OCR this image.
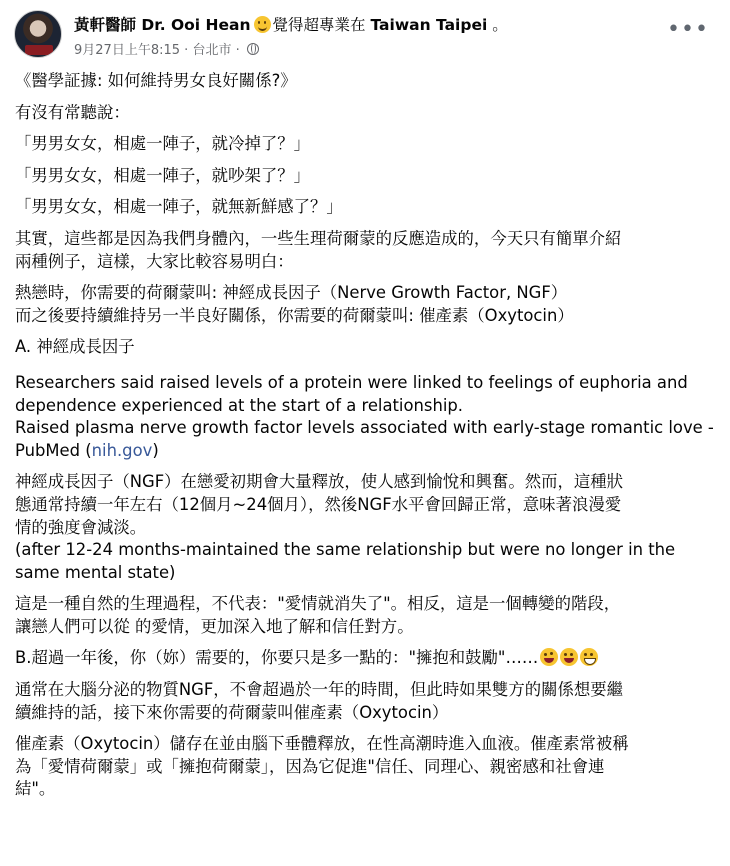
黃軒醫師 Dr. Ooi Hean 覺得超專業在 Taiwan Taipei 。
9月27日上午8:15 · 台北市 ·
•••

《醫學証據: 如何維持男女良好關係?》

有沒有常聽說：

「男男女女，相處一陣子，就冷掉了？」

「男男女女，相處一陣子，就吵架了？」

「男男女女，相處一陣子，就無新鮮感了？」

其實，這些都是因為我們身體內，一些生理荷爾蒙的反應造成的，今天只有簡單介紹

兩種例子，這樣，大家比較容易明白：

熱戀時，你需要的荷爾蒙叫: 神經成長因子（Nerve Growth Factor, NGF）

而之後要持續維持另一半良好關係，你需要的荷爾蒙叫: 催產素（Oxytocin）

A. 神經成長因子

Researchers said raised levels of a protein were linked to feelings of euphoria and

dependence experienced at the start of a relationship.

Raised plasma nerve growth factor levels associated with early-stage romantic love -

PubMed (nih.gov)

神經成長因子（NGF）在戀愛初期會大量釋放，使人感到愉悅和興奮。然而，這種狀

態通常持續一年左右（12個月~24個月），然後NGF水平會回歸正常，意味著浪漫愛

情的強度會減淡。

(after 12-24 months-maintained the same relationship but were no longer in the

same mental state)

這是一種自然的生理過程，不代表："愛情就消失了"。相反，這是一個轉變的階段，

讓戀人們可以從 的愛情，更加深入地了解和信任對方。

B.超過一年後，你（妳）需要的，你要只是多一點的："擁抱和鼓勵"……

通常在大腦分泌的物質NGF，不會超過於一年的時間，但此時如果雙方的關係想要繼

續維持的話，接下來你需要的荷爾蒙叫催產素（Oxytocin）

催產素（Oxytocin）儲存在並由腦下垂體釋放，在性高潮時進入血液。催產素常被稱

為「愛情荷爾蒙」或「擁抱荷爾蒙」，因為它促進"信任、同理心、親密感和社會連

結"。
